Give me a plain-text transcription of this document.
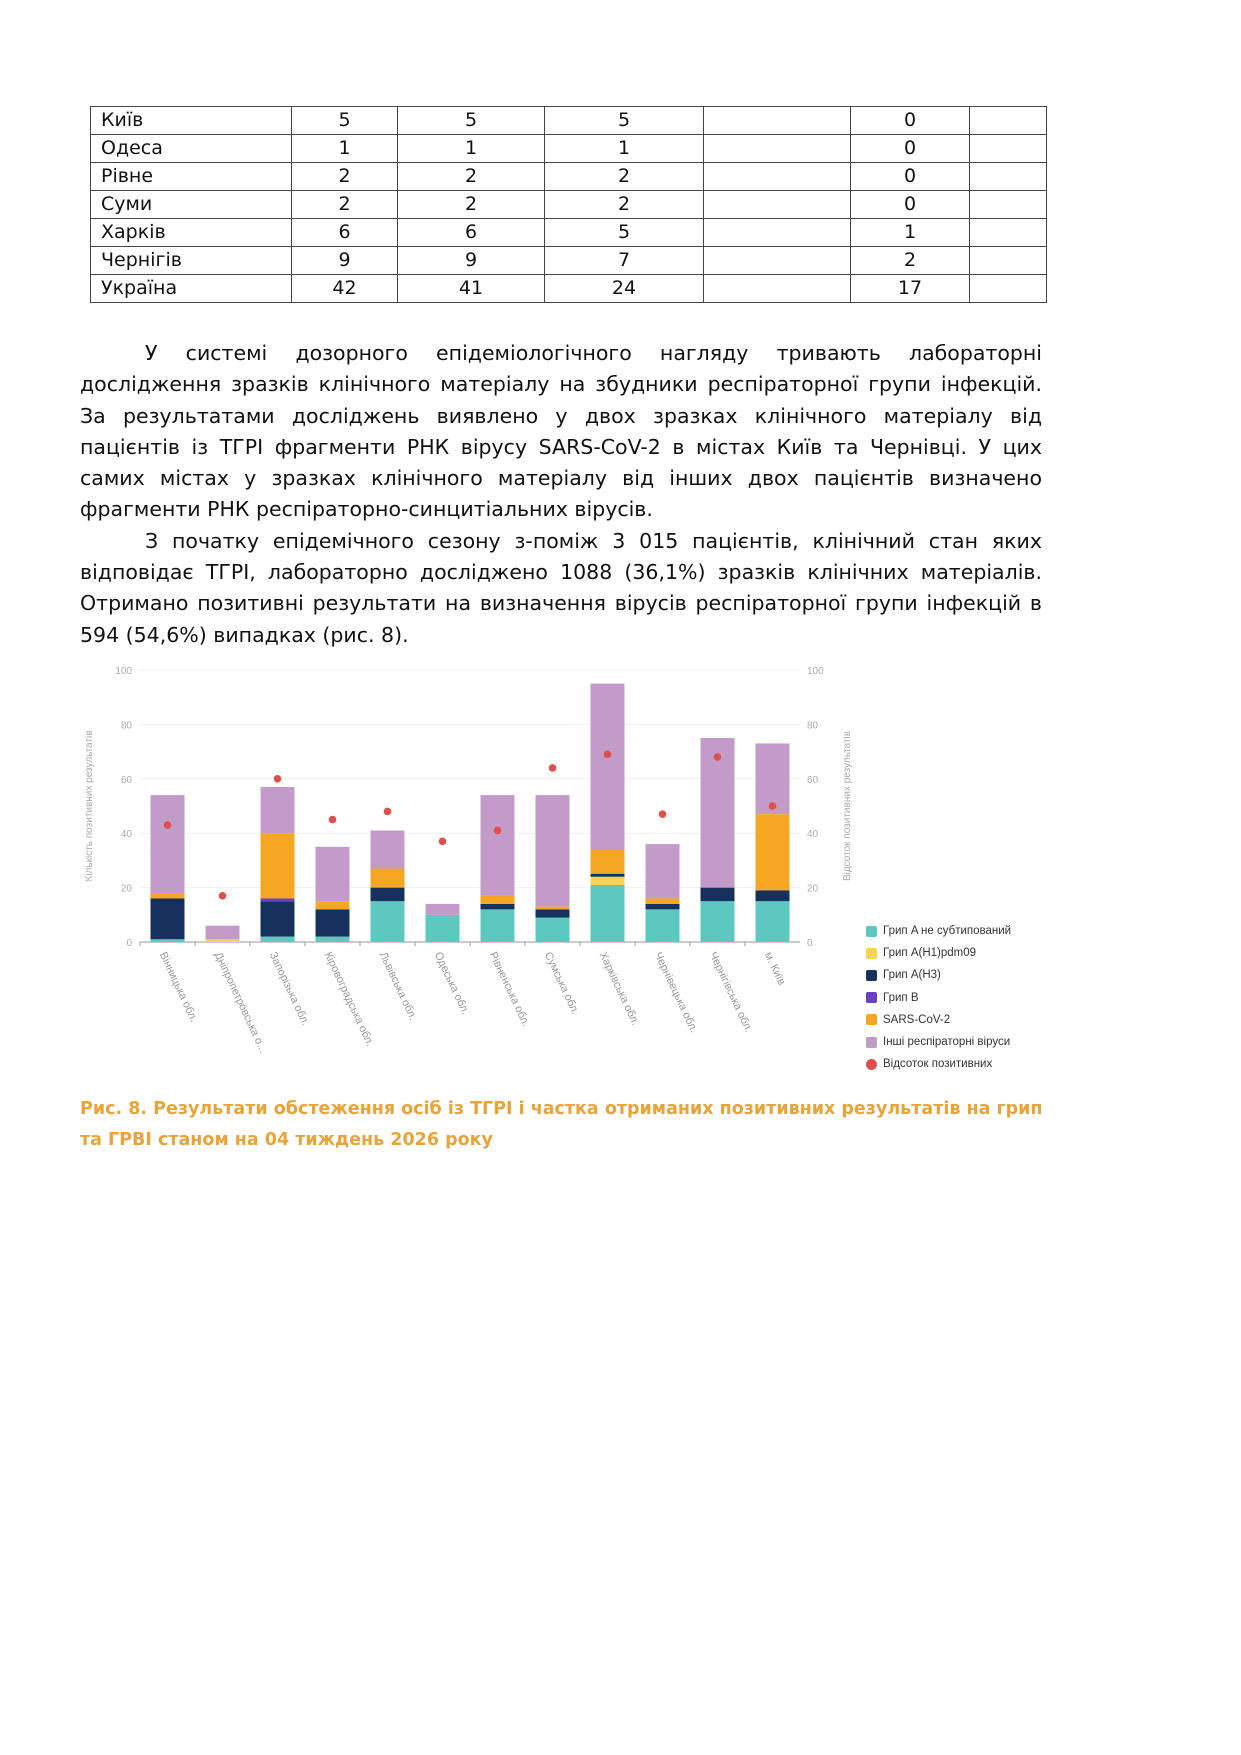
Київ	5	5	5		0	
Одеса	1	1	1		0	
Рівне	2	2	2		0	
Суми	2	2	2		0	
Харків	6	6	5		1	
Чернігів	9	9	7		2	
Україна	42	41	24		17	

У системі дозорного епідеміологічного нагляду тривають лабораторні дослідження зразків клінічного матеріалу на збудники респіраторної групи інфекцій. За результатами досліджень виявлено у двох зразках клінічного матеріалу від пацієнтів із ТГРІ фрагменти РНК вірусу SARS-CoV-2 в містах Київ та Чернівці. У цих самих містах у зразках клінічного матеріалу від інших двох пацієнтів визначено фрагменти РНК респіраторно-синцитіальних вірусів.

З початку епідемічного сезону з-поміж 3 015 пацієнтів, клінічний стан яких відповідає ТГРІ, лабораторно досліджено 1088 (36,1%) зразків клінічних матеріалів. Отримано позитивні результати на визначення вірусів респіраторної групи інфекцій в 594 (54,6%) випадках (рис. 8).

0	0
20	20
40	40
60	60
80	80
100	100
Кількість позитивних результатів	Відсоток позитивних результатів
Вінницька обл. Дніпропетровська о...
Запорізька обл. Кіровоградська обл. Львівська обл. Одеська обл. Рівненська обл. Сумська обл. Харківська обл. Чернівецька обл. Чернігівська обл. м. Київ
Грип A не субтипований
Грип A(H1)pdm09
Грип A(H3)
Грип B
SARS-CoV-2
Інші респіраторні віруси
Відсоток позитивних
Рис. 8. Результати обстеження осіб із ТГРІ і частка отриманих позитивних результатів на грип та ГРВІ станом на 04 тиждень 2026 року
